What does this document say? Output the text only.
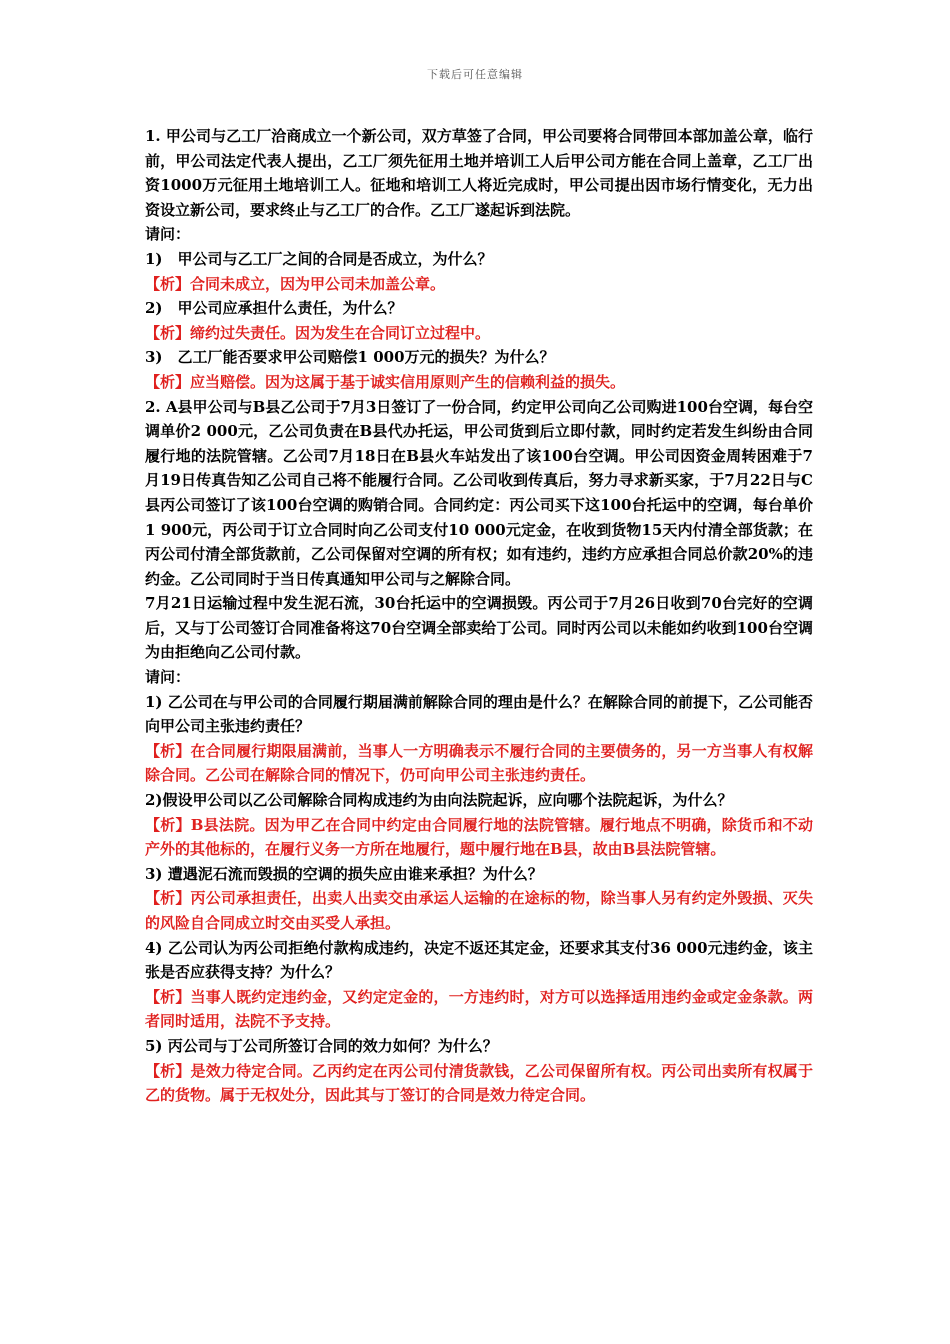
下载后可任意编辑

1. 甲公司与乙工厂洽商成立一个新公司，双方草签了合同，甲公司要将合同带回本部加盖公章，临行前，甲公司法定代表人提出，乙工厂须先征用土地并培训工人后甲公司方能在合同上盖章，乙工厂出资1000万元征用土地培训工人。征地和培训工人将近完成时，甲公司提出因市场行情变化，无力出资设立新公司，要求终止与乙工厂的合作。乙工厂遂起诉到法院。

请问：

1)　甲公司与乙工厂之间的合同是否成立，为什么？

【析】合同未成立，因为甲公司未加盖公章。

2)　甲公司应承担什么责任，为什么？

【析】缔约过失责任。因为发生在合同订立过程中。

3)　乙工厂能否要求甲公司赔偿1 000万元的损失？为什么？

【析】应当赔偿。因为这属于基于诚实信用原则产生的信赖利益的损失。

2. A县甲公司与B县乙公司于7月3日签订了一份合同，约定甲公司向乙公司购进100台空调，每台空调单价2 000元，乙公司负责在B县代办托运，甲公司货到后立即付款，同时约定若发生纠纷由合同履行地的法院管辖。乙公司7月18日在B县火车站发出了该100台空调。甲公司因资金周转困难于7月19日传真告知乙公司自己将不能履行合同。乙公司收到传真后，努力寻求新买家，于7月22日与C县丙公司签订了该100台空调的购销合同。合同约定：丙公司买下这100台托运中的空调，每台单价1 900元，丙公司于订立合同时向乙公司支付10 000元定金，在收到货物15天内付清全部货款；在丙公司付清全部货款前，乙公司保留对空调的所有权；如有违约，违约方应承担合同总价款20%的违约金。乙公司同时于当日传真通知甲公司与之解除合同。

7月21日运输过程中发生泥石流，30台托运中的空调损毁。丙公司于7月26日收到70台完好的空调后，又与丁公司签订合同准备将这70台空调全部卖给丁公司。同时丙公司以未能如约收到100台空调为由拒绝向乙公司付款。

请问：

1) 乙公司在与甲公司的合同履行期届满前解除合同的理由是什么？在解除合同的前提下，乙公司能否向甲公司主张违约责任？

【析】在合同履行期限届满前，当事人一方明确表示不履行合同的主要债务的，另一方当事人有权解除合同。乙公司在解除合同的情况下，仍可向甲公司主张违约责任。

2)假设甲公司以乙公司解除合同构成违约为由向法院起诉，应向哪个法院起诉，为什么？

【析】B县法院。因为甲乙在合同中约定由合同履行地的法院管辖。履行地点不明确，除货币和不动产外的其他标的，在履行义务一方所在地履行，题中履行地在B县，故由B县法院管辖。

3) 遭遇泥石流而毁损的空调的损失应由谁来承担？为什么？

【析】丙公司承担责任，出卖人出卖交由承运人运输的在途标的物，除当事人另有约定外毁损、灭失的风险自合同成立时交由买受人承担。

4) 乙公司认为丙公司拒绝付款构成违约，决定不返还其定金，还要求其支付36 000元违约金，该主张是否应获得支持？为什么？

【析】当事人既约定违约金，又约定定金的，一方违约时，对方可以选择适用违约金或定金条款。两者同时适用，法院不予支持。

5) 丙公司与丁公司所签订合同的效力如何？为什么？

【析】是效力待定合同。乙丙约定在丙公司付清货款钱，乙公司保留所有权。丙公司出卖所有权属于乙的货物。属于无权处分，因此其与丁签订的合同是效力待定合同。
